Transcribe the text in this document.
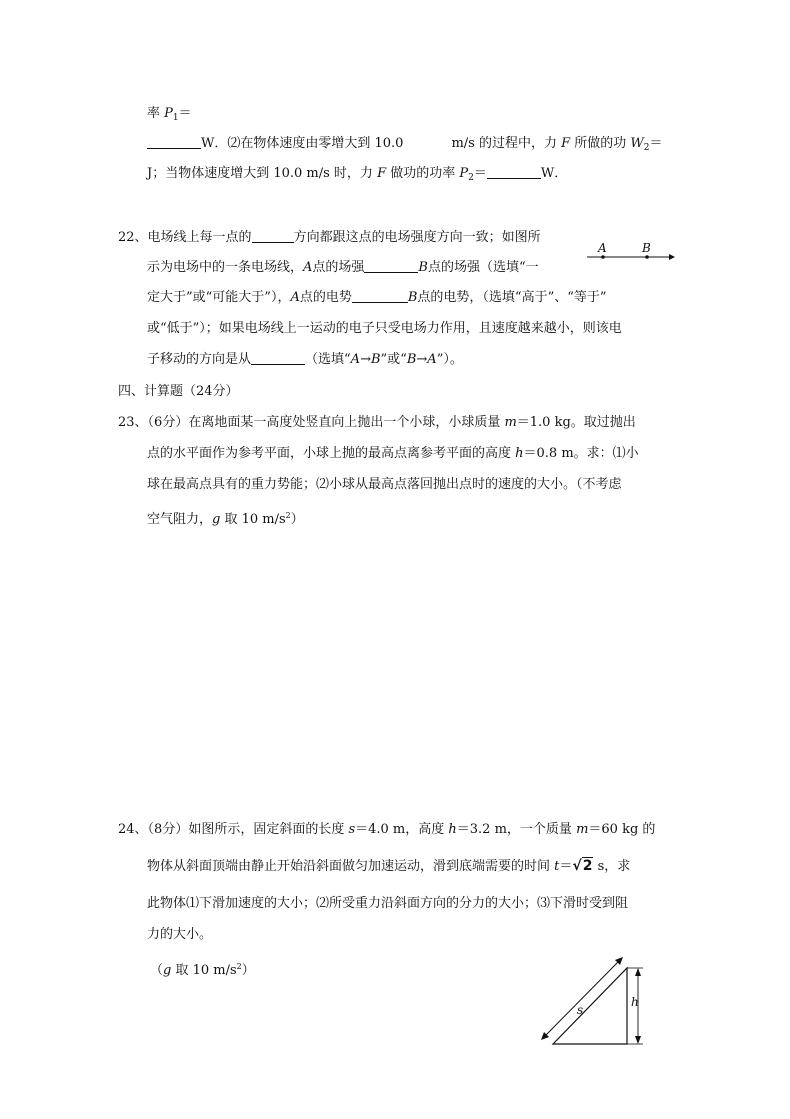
率 $P_1=$
W．⑵在物体速度由零增大到 10.0	m/s 的过程中，力 F 所做的功 $W_2=$
J；当物体速度增大到 10.0 m/s 时，力 F 做功的功率 $P_2=$	W．
22、电场线上每一点的	方向都跟这点的电场强度方向一致；如图所
A	B
示为电场中的一条电场线，A点的场强	B点的场强（选填“一
定大于”或“可能大于”），A点的电势	B点的电势，（选填“高于”、“等于”
或“低于”）；如果电场线上一运动的电子只受电场力作用，且速度越来越小，则该电
子移动的方向是从	（选填“A→B”或“B→A”）。
四、计算题（24分）
23、（6分）在离地面某一高度处竖直向上抛出一个小球，小球质量 m＝1.0 kg。取过抛出
点的水平面作为参考平面，小球上抛的最高点离参考平面的高度 h＝0.8 m。求：⑴小
球在最高点具有的重力势能；⑵小球从最高点落回抛出点时的速度的大小。（不考虑
空气阻力，g 取 10 $m/s^2$）
24、（8分）如图所示，固定斜面的长度 s＝4.0 m，高度 h＝3.2 m，一个质量 m＝60 kg 的
物体从斜面顶端由静止开始沿斜面做匀加速运动，滑到底端需要的时间 t＝√2 s，求
此物体⑴下滑加速度的大小；⑵所受重力沿斜面方向的分力的大小；⑶下滑时受到阻
力的大小。
（g 取 10 $m/s^2$）
s
h
